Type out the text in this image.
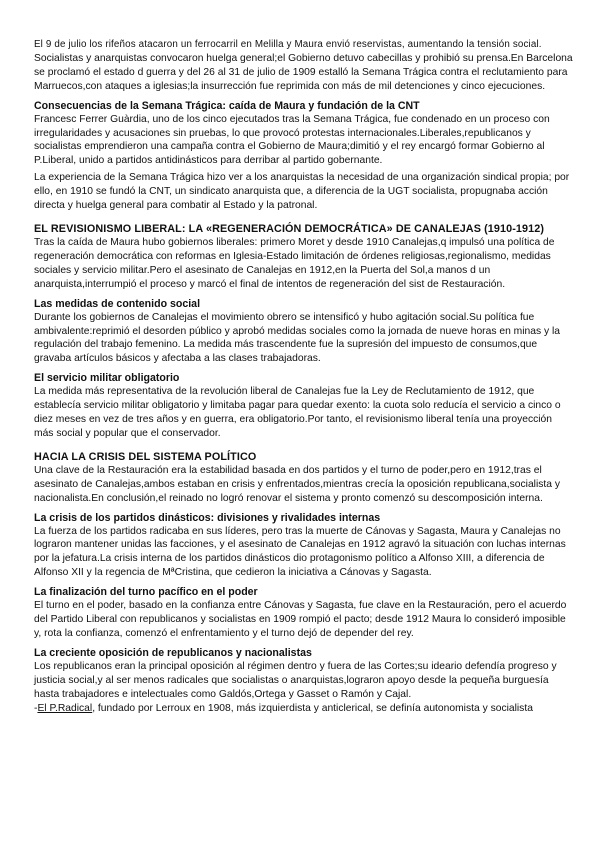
El 9 de julio los rifeños atacaron un ferrocarril en Melilla y Maura envió reservistas, aumentando la tensión social.

Socialistas y anarquistas convocaron huelga general;el Gobierno detuvo cabecillas y prohibió su prensa.En Barcelona se proclamó el estado d guerra y del 26 al 31 de julio de 1909 estalló la Semana Trágica contra el reclutamiento para Marruecos,con ataques a iglesias;la insurrección fue reprimida con más de mil detenciones y cinco ejecuciones.

Consecuencias de la Semana Trágica: caída de Maura y fundación de la CNT

Francesc Ferrer Guàrdia, uno de los cinco ejecutados tras la Semana Trágica, fue condenado en un proceso con irregularidades y acusaciones sin pruebas, lo que provocó protestas internacionales.Liberales,republicanos y socialistas emprendieron una campaña contra el Gobierno de Maura;dimitió y el rey encargó formar Gobierno al P.Liberal, unido a partidos antidinásticos para derribar al partido gobernante.

La experiencia de la Semana Trágica hizo ver a los anarquistas la necesidad de una organización sindical propia; por ello, en 1910 se fundó la CNT, un sindicato anarquista que, a diferencia de la UGT socialista, propugnaba acción directa y huelga general para combatir al Estado y la patronal.

EL REVISIONISMO LIBERAL: LA «REGENERACIÓN DEMOCRÁTICA» DE CANALEJAS (1910-1912)

Tras la caída de Maura hubo gobiernos liberales: primero Moret y desde 1910 Canalejas,q impulsó una política de regeneración democrática con reformas en Iglesia-Estado limitación de órdenes religiosas,regionalismo, medidas sociales y servicio militar.Pero el asesinato de Canalejas en 1912,en la Puerta del Sol,a manos d un anarquista,interrumpió el proceso y marcó el final de intentos de regeneración del sist de Restauración.

Las medidas de contenido social

Durante los gobiernos de Canalejas el movimiento obrero se intensificó y hubo agitación social.Su política fue ambivalente:reprimió el desorden público y aprobó medidas sociales como la jornada de nueve horas en minas y la regulación del trabajo femenino. La medida más trascendente fue la supresión del impuesto de consumos,que gravaba artículos básicos y afectaba a las clases trabajadoras.

El servicio militar obligatorio

La medida más representativa de la revolución liberal de Canalejas fue la Ley de Reclutamiento de 1912, que establecía servicio militar obligatorio y limitaba pagar para quedar exento: la cuota solo reducía el servicio a cinco o diez meses en vez de tres años y en guerra, era obligatorio.Por tanto, el revisionismo liberal tenía una proyección más social y popular que el conservador.

HACIA LA CRISIS DEL SISTEMA POLÍTICO

Una clave de la Restauración era la estabilidad basada en dos partidos y el turno de poder,pero en 1912,tras el asesinato de Canalejas,ambos estaban en crisis y enfrentados,mientras crecía la oposición republicana,socialista y nacionalista.En conclusión,el reinado no logró renovar el sistema y pronto comenzó su descomposición interna.

La crisis de los partidos dinásticos: divisiones y rivalidades internas

La fuerza de los partidos radicaba en sus líderes, pero tras la muerte de Cánovas y Sagasta, Maura y Canalejas no lograron mantener unidas las facciones, y el asesinato de Canalejas en 1912 agravó la situación con luchas internas por la jefatura.La crisis interna de los partidos dinásticos dio protagonismo político a Alfonso XIII, a diferencia de Alfonso XII y la regencia de MªCristina, que cedieron la iniciativa a Cánovas y Sagasta.

La finalización del turno pacífico en el poder

El turno en el poder, basado en la confianza entre Cánovas y Sagasta, fue clave en la Restauración, pero el acuerdo del Partido Liberal con republicanos y socialistas en 1909 rompió el pacto; desde 1912 Maura lo consideró imposible y, rota la confianza, comenzó el enfrentamiento y el turno dejó de depender del rey.

La creciente oposición de republicanos y nacionalistas

Los republicanos eran la principal oposición al régimen dentro y fuera de las Cortes;su ideario defendía progreso y justicia social,y al ser menos radicales que socialistas o anarquistas,lograron apoyo desde la pequeña burguesía hasta trabajadores e intelectuales como Galdós,Ortega y Gasset o Ramón y Cajal.

-El P.Radical, fundado por Lerroux en 1908, más izquierdista y anticlerical, se definía autonomista y socialista
